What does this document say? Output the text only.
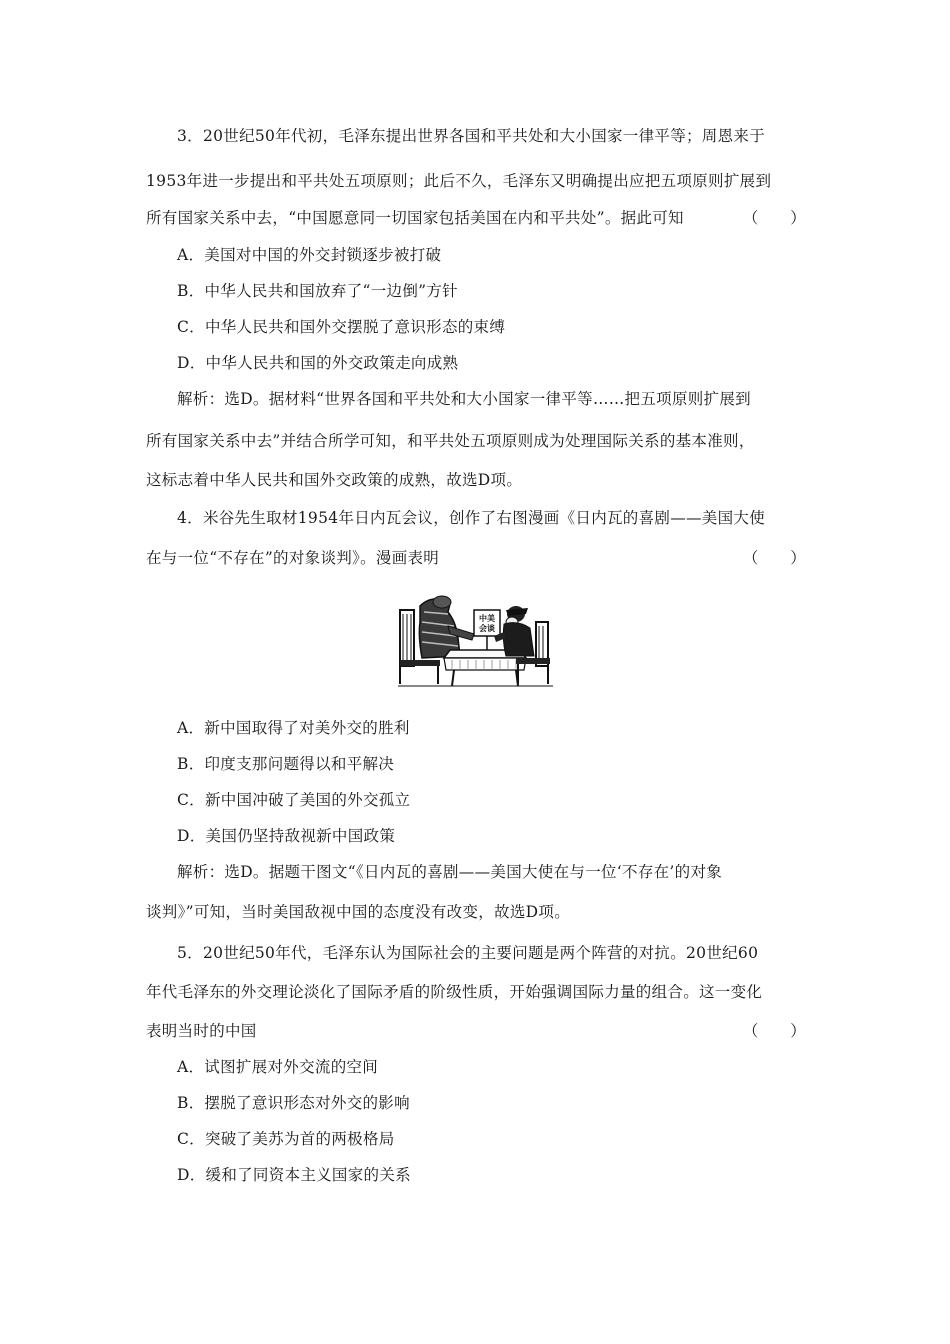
3．20世纪50年代初，毛泽东提出世界各国和平共处和大小国家一律平等；周恩来于
1953年进一步提出和平共处五项原则；此后不久，毛泽东又明确提出应把五项原则扩展到
所有国家关系中去，“中国愿意同一切国家包括美国在内和平共处”。据此可知	（　　）
A．美国对中国的外交封锁逐步被打破
B．中华人民共和国放弃了“一边倒”方针
C．中华人民共和国外交摆脱了意识形态的束缚
D．中华人民共和国的外交政策走向成熟
解析：选D。据材料“世界各国和平共处和大小国家一律平等……把五项原则扩展到
所有国家关系中去”并结合所学可知，和平共处五项原则成为处理国际关系的基本准则，
这标志着中华人民共和国外交政策的成熟，故选D项。
4．米谷先生取材1954年日内瓦会议，创作了右图漫画《日内瓦的喜剧——美国大使
在与一位“不存在”的对象谈判》。漫画表明	（　　）
中美
会谈
A．新中国取得了对美外交的胜利
B．印度支那问题得以和平解决
C．新中国冲破了美国的外交孤立
D．美国仍坚持敌视新中国政策
解析：选D。据题干图文“《日内瓦的喜剧——美国大使在与一位‘不存在’的对象
谈判》”可知，当时美国敌视中国的态度没有改变，故选D项。
5．20世纪50年代，毛泽东认为国际社会的主要问题是两个阵营的对抗。20世纪60
年代毛泽东的外交理论淡化了国际矛盾的阶级性质，开始强调国际力量的组合。这一变化
表明当时的中国	（　　）
A．试图扩展对外交流的空间
B．摆脱了意识形态对外交的影响
C．突破了美苏为首的两极格局
D．缓和了同资本主义国家的关系
